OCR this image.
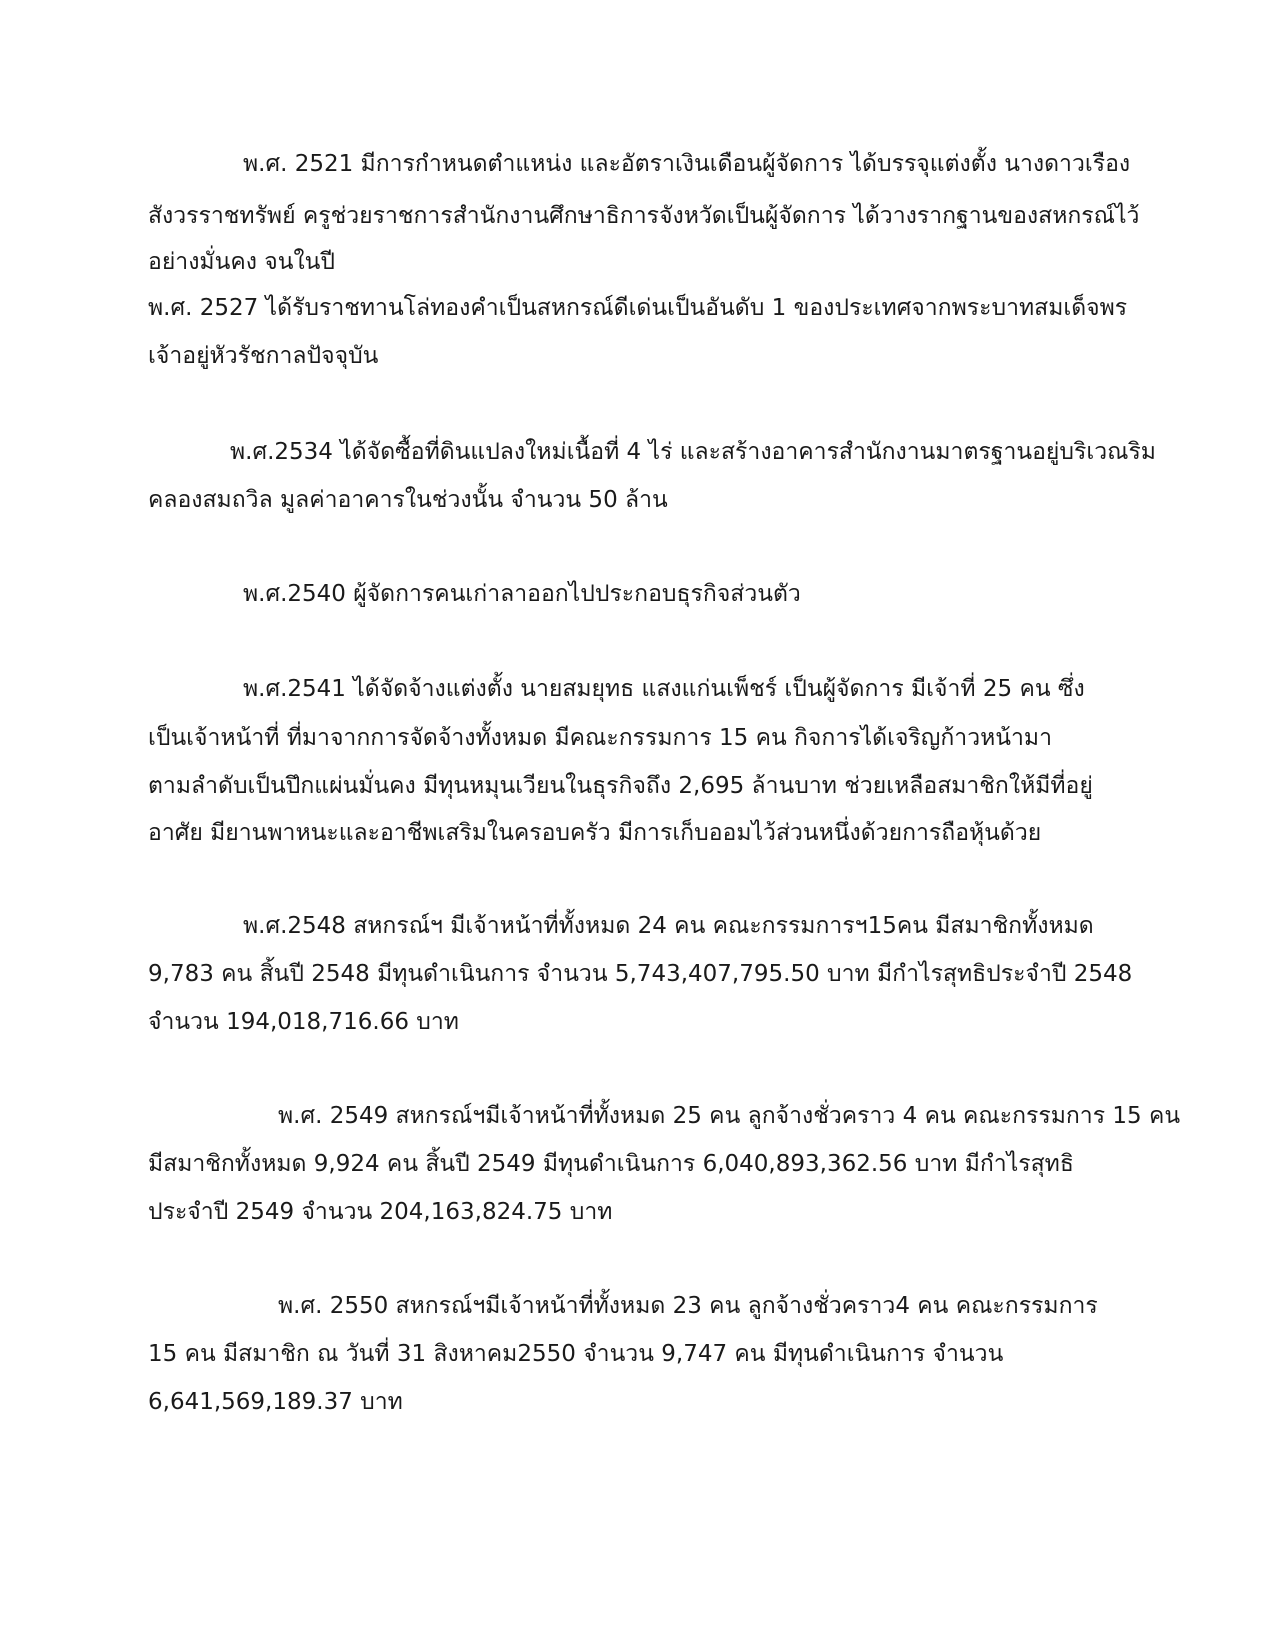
พ.ศ. 2521 มีการกำหนดตำแหน่ง และอัตราเงินเดือนผู้จัดการ ได้บรรจุแต่งตั้ง นางดาวเรือง
สังวรราชทรัพย์ ครูช่วยราชการสำนักงานศึกษาธิการจังหวัดเป็นผู้จัดการ ได้วางรากฐานของสหกรณ์ไว้
อย่างมั่นคง จนในปี
พ.ศ. 2527 ได้รับราชทานโล่ทองคำเป็นสหกรณ์ดีเด่นเป็นอันดับ 1 ของประเทศจากพระบาทสมเด็จพร
เจ้าอยู่หัวรัชกาลปัจจุบัน
พ.ศ.2534 ได้จัดซื้อที่ดินแปลงใหม่เนื้อที่ 4 ไร่ และสร้างอาคารสำนักงานมาตรฐานอยู่บริเวณริม
คลองสมถวิล มูลค่าอาคารในช่วงนั้น จำนวน 50 ล้าน
พ.ศ.2540 ผู้จัดการคนเก่าลาออกไปประกอบธุรกิจส่วนตัว
พ.ศ.2541 ได้จัดจ้างแต่งตั้ง นายสมยุทธ แสงแก่นเพ็ชร์ เป็นผู้จัดการ มีเจ้าที่ 25 คน ซึ่ง
เป็นเจ้าหน้าที่ ที่มาจากการจัดจ้างทั้งหมด มีคณะกรรมการ 15 คน กิจการได้เจริญก้าวหน้ามา
ตามลำดับเป็นปึกแผ่นมั่นคง มีทุนหมุนเวียนในธุรกิจถึง 2,695 ล้านบาท ช่วยเหลือสมาชิกให้มีที่อยู่
อาศัย มียานพาหนะและอาชีพเสริมในครอบครัว มีการเก็บออมไว้ส่วนหนึ่งด้วยการถือหุ้นด้วย
พ.ศ.2548 สหกรณ์ฯ มีเจ้าหน้าที่ทั้งหมด 24 คน คณะกรรมการฯ15คน มีสมาชิกทั้งหมด
9,783 คน สิ้นปี 2548 มีทุนดำเนินการ จำนวน 5,743,407,795.50 บาท มีกำไรสุทธิประจำปี 2548
จำนวน 194,018,716.66 บาท
พ.ศ. 2549 สหกรณ์ฯมีเจ้าหน้าที่ทั้งหมด 25 คน ลูกจ้างชั่วคราว 4 คน คณะกรรมการ 15 คน
มีสมาชิกทั้งหมด 9,924 คน สิ้นปี 2549 มีทุนดำเนินการ 6,040,893,362.56 บาท มีกำไรสุทธิ
ประจำปี 2549 จำนวน 204,163,824.75 บาท
พ.ศ. 2550 สหกรณ์ฯมีเจ้าหน้าที่ทั้งหมด 23 คน ลูกจ้างชั่วคราว4 คน คณะกรรมการ
15 คน มีสมาชิก ณ วันที่ 31 สิงหาคม2550 จำนวน 9,747 คน มีทุนดำเนินการ จำนวน
6,641,569,189.37 บาท
